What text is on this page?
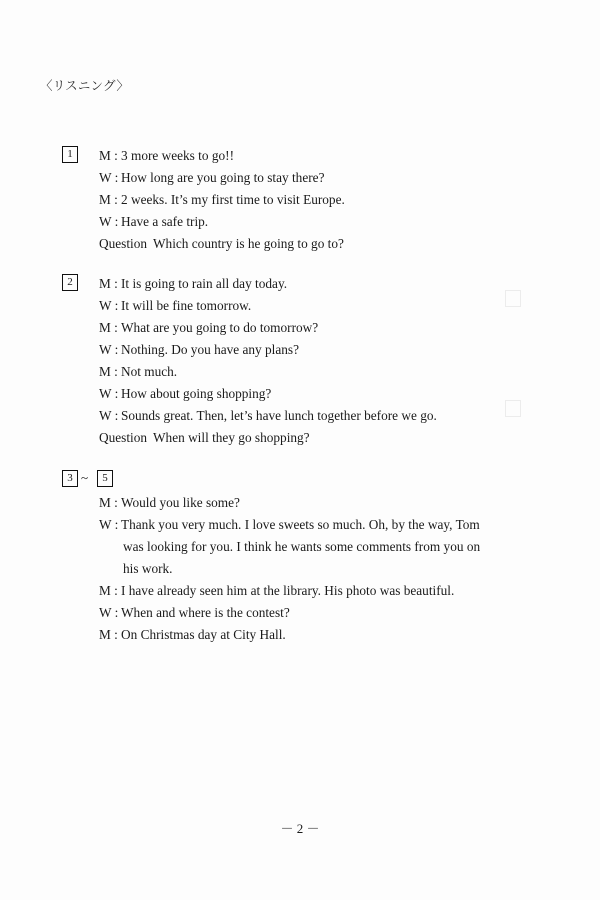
〈リスニング〉
1	M : 3 more weeks to go!!
W : How long are you going to stay there?
M : 2 weeks. It’s my first time to visit Europe.
W : Have a safe trip.
Question Which country is he going to go to?
2	M : It is going to rain all day today.
W : It will be fine tomorrow.
M : What are you going to do tomorrow?
W : Nothing. Do you have any plans?
M : Not much.
W : How about going shopping?
W : Sounds great. Then, let’s have lunch together before we go.
Question When will they go shopping?
3 ~	5
M : Would you like some?
W : Thank you very much. I love sweets so much. Oh, by the way, Tom
was looking for you. I think he wants some comments from you on
his work.
M : I have already seen him at the library. His photo was beautiful.
W : When and where is the contest?
M : On Christmas day at City Hall.
－ 2 －
